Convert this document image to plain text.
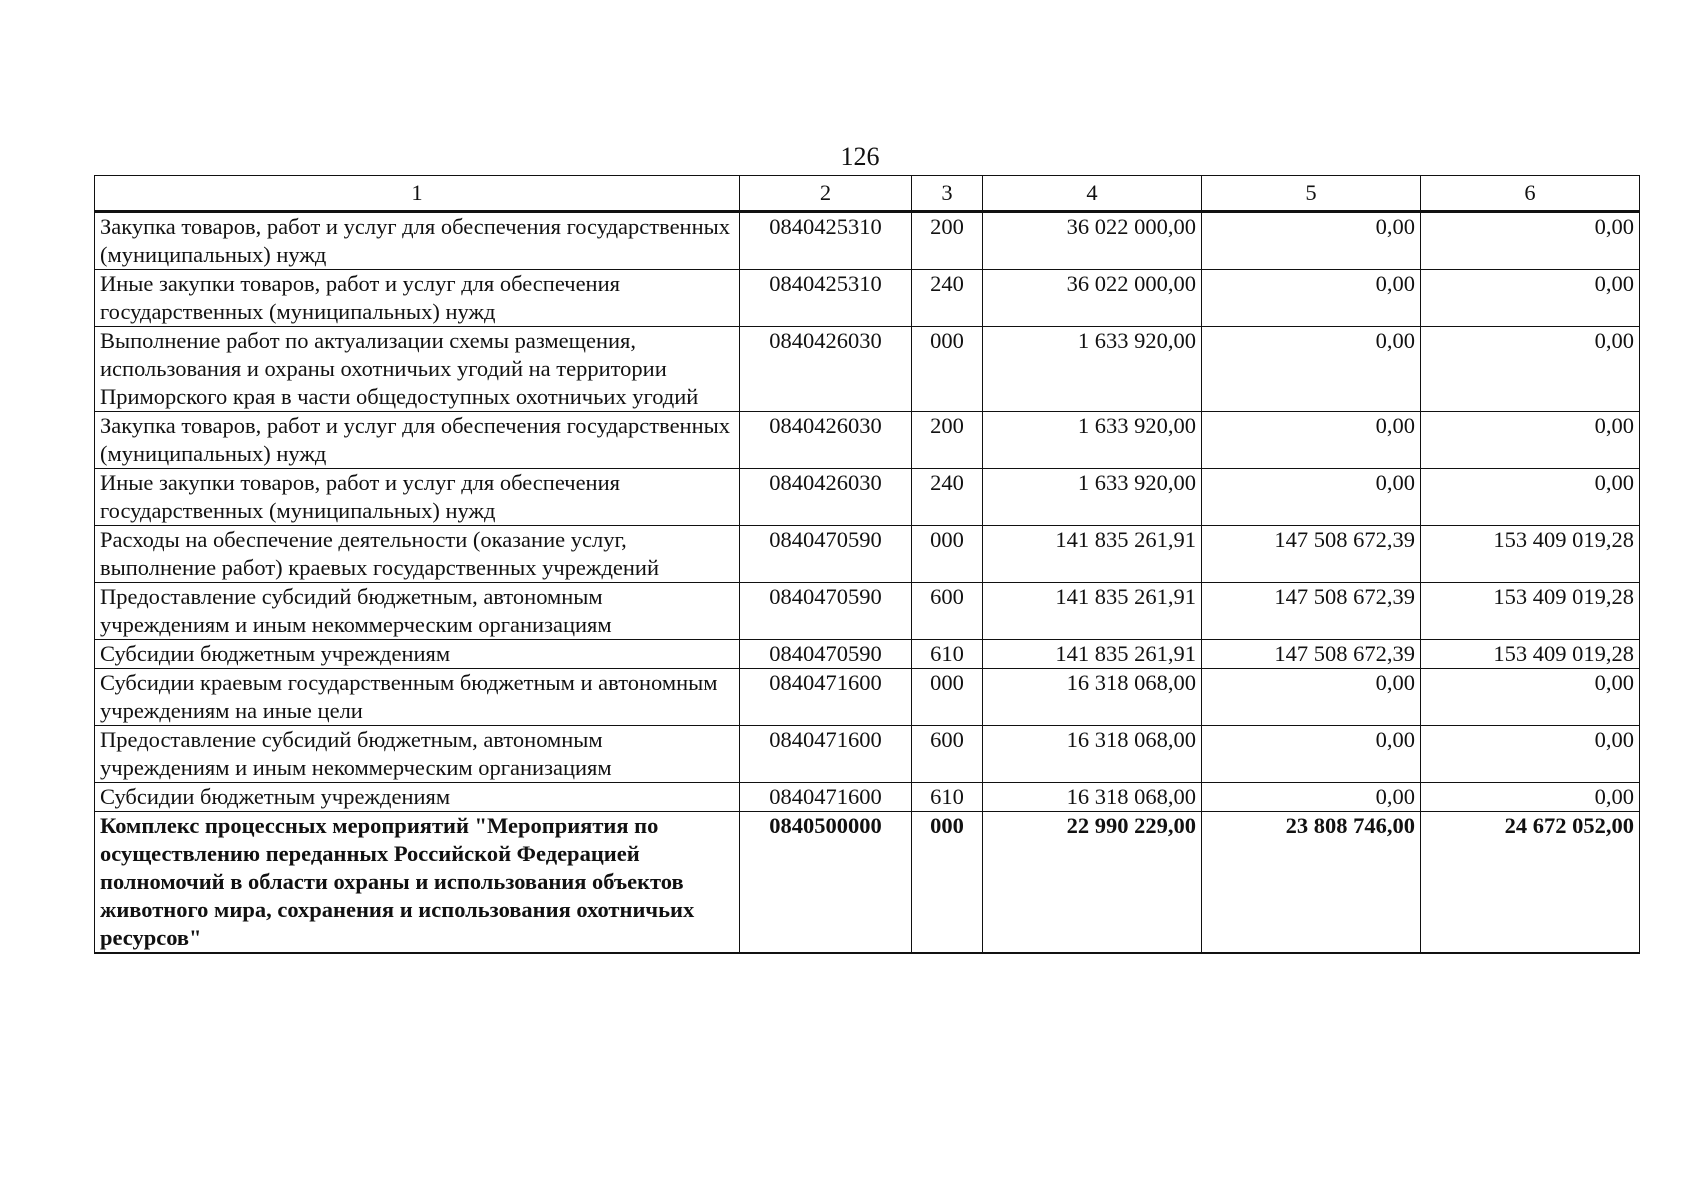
126
1	2	3	4	5	6
Закупка товаров, работ и услуг для обеспечения государственных (муниципальных) нужд	0840425310	200	36 022 000,00	0,00	0,00
Иные закупки товаров, работ и услуг для обеспечения государственных (муниципальных) нужд	0840425310	240	36 022 000,00	0,00	0,00
Выполнение работ по актуализации схемы размещения, использования и охраны охотничьих угодий на территории Приморского края в части общедоступных охотничьих угодий	0840426030	000	1 633 920,00	0,00	0,00
Закупка товаров, работ и услуг для обеспечения государственных (муниципальных) нужд	0840426030	200	1 633 920,00	0,00	0,00
Иные закупки товаров, работ и услуг для обеспечения государственных (муниципальных) нужд	0840426030	240	1 633 920,00	0,00	0,00
Расходы на обеспечение деятельности (оказание услуг, выполнение работ) краевых государственных учреждений	0840470590	000	141 835 261,91	147 508 672,39	153 409 019,28
Предоставление субсидий бюджетным, автономным учреждениям и иным некоммерческим организациям	0840470590	600	141 835 261,91	147 508 672,39	153 409 019,28
Субсидии бюджетным учреждениям	0840470590	610	141 835 261,91	147 508 672,39	153 409 019,28
Субсидии краевым государственным бюджетным и автономным учреждениям на иные цели	0840471600	000	16 318 068,00	0,00	0,00
Предоставление субсидий бюджетным, автономным учреждениям и иным некоммерческим организациям	0840471600	600	16 318 068,00	0,00	0,00
Субсидии бюджетным учреждениям	0840471600	610	16 318 068,00	0,00	0,00
Комплекс процессных мероприятий "Мероприятия по осуществлению переданных Российской Федерацией полномочий в области охраны и использования объектов животного мира, сохранения и использования охотничьих ресурсов"	0840500000	000	22 990 229,00	23 808 746,00	24 672 052,00
